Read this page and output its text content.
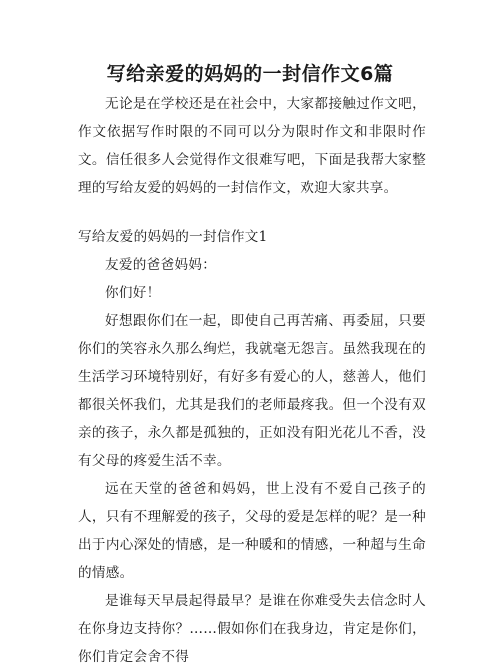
写给亲爱的妈妈的一封信作文6篇

无论是在学校还是在社会中，大家都接触过作文吧，作文依据写作时限的不同可以分为限时作文和非限时作文。信任很多人会觉得作文很难写吧，下面是我帮大家整理的写给友爱的妈妈的一封信作文，欢迎大家共享。

写给友爱的妈妈的一封信作文1

友爱的爸爸妈妈：

你们好！

好想跟你们在一起，即使自己再苦痛、再委屈，只要你们的笑容永久那么绚烂，我就毫无怨言。虽然我现在的生活学习环境特别好，有好多有爱心的人，慈善人，他们都很关怀我们，尤其是我们的老师最疼我。但一个没有双亲的孩子，永久都是孤独的，正如没有阳光花儿不香，没有父母的疼爱生活不幸。

远在天堂的爸爸和妈妈，世上没有不爱自己孩子的人，只有不理解爱的孩子，父母的爱是怎样的呢？是一种出于内心深处的情感，是一种暖和的情感，一种超与生命的情感。

是谁每天早晨起得最早？是谁在你难受失去信念时人在你身边支持你？……假如你们在我身边，肯定是你们，你们肯定会舍不得
